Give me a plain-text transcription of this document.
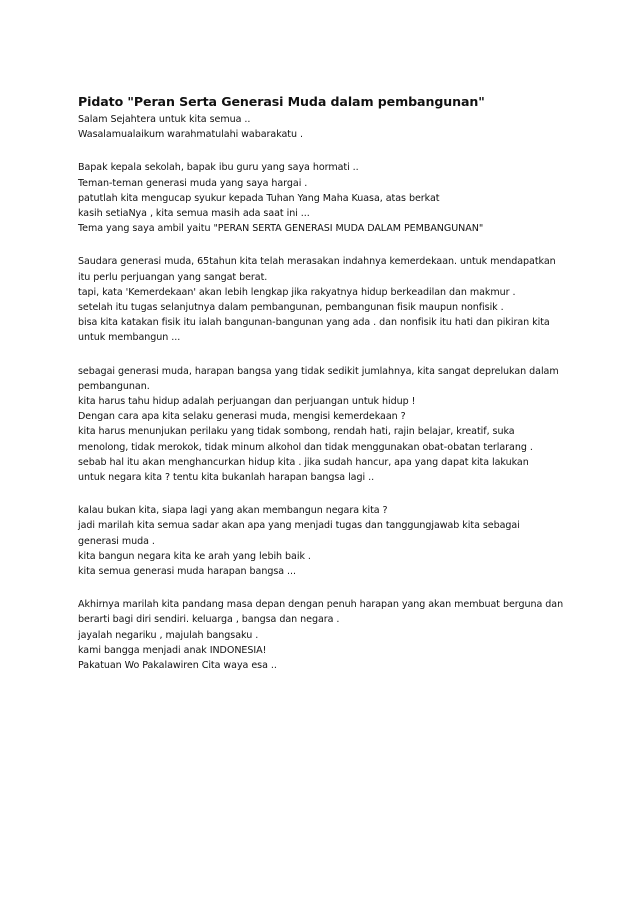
Pidato "Peran Serta Generasi Muda dalam pembangunan"
Salam Sejahtera untuk kita semua ..
Wasalamualaikum warahmatulahi wabarakatu .
Bapak kepala sekolah, bapak ibu guru yang saya hormati ..
Teman-teman generasi muda yang saya hargai .
patutlah kita mengucap syukur kepada Tuhan Yang Maha Kuasa, atas berkat
kasih setiaNya , kita semua masih ada saat ini ...
Tema yang saya ambil yaitu "PERAN SERTA GENERASI MUDA DALAM PEMBANGUNAN"
Saudara generasi muda, 65tahun kita telah merasakan indahnya kemerdekaan. untuk mendapatkan
itu perlu perjuangan yang sangat berat.
tapi, kata 'Kemerdekaan' akan lebih lengkap jika rakyatnya hidup berkeadilan dan makmur .
setelah itu tugas selanjutnya dalam pembangunan, pembangunan fisik maupun nonfisik .
bisa kita katakan fisik itu ialah bangunan-bangunan yang ada . dan nonfisik itu hati dan pikiran kita
untuk membangun ...
sebagai generasi muda, harapan bangsa yang tidak sedikit jumlahnya, kita sangat deprelukan dalam
pembangunan.
kita harus tahu hidup adalah perjuangan dan perjuangan untuk hidup !
Dengan cara apa kita selaku generasi muda, mengisi kemerdekaan ?
kita harus menunjukan perilaku yang tidak sombong, rendah hati, rajin belajar, kreatif, suka
menolong, tidak merokok, tidak minum alkohol dan tidak menggunakan obat-obatan terlarang .
sebab hal itu akan menghancurkan hidup kita . jika sudah hancur, apa yang dapat kita lakukan
untuk negara kita ? tentu kita bukanlah harapan bangsa lagi ..
kalau bukan kita, siapa lagi yang akan membangun negara kita ?
jadi marilah kita semua sadar akan apa yang menjadi tugas dan tanggungjawab kita sebagai
generasi muda .
kita bangun negara kita ke arah yang lebih baik .
kita semua generasi muda harapan bangsa ...
Akhirnya marilah kita pandang masa depan dengan penuh harapan yang akan membuat berguna dan
berarti bagi diri sendiri. keluarga , bangsa dan negara .
jayalah negariku , majulah bangsaku .
kami bangga menjadi anak INDONESIA!
Pakatuan Wo Pakalawiren Cita waya esa ..
